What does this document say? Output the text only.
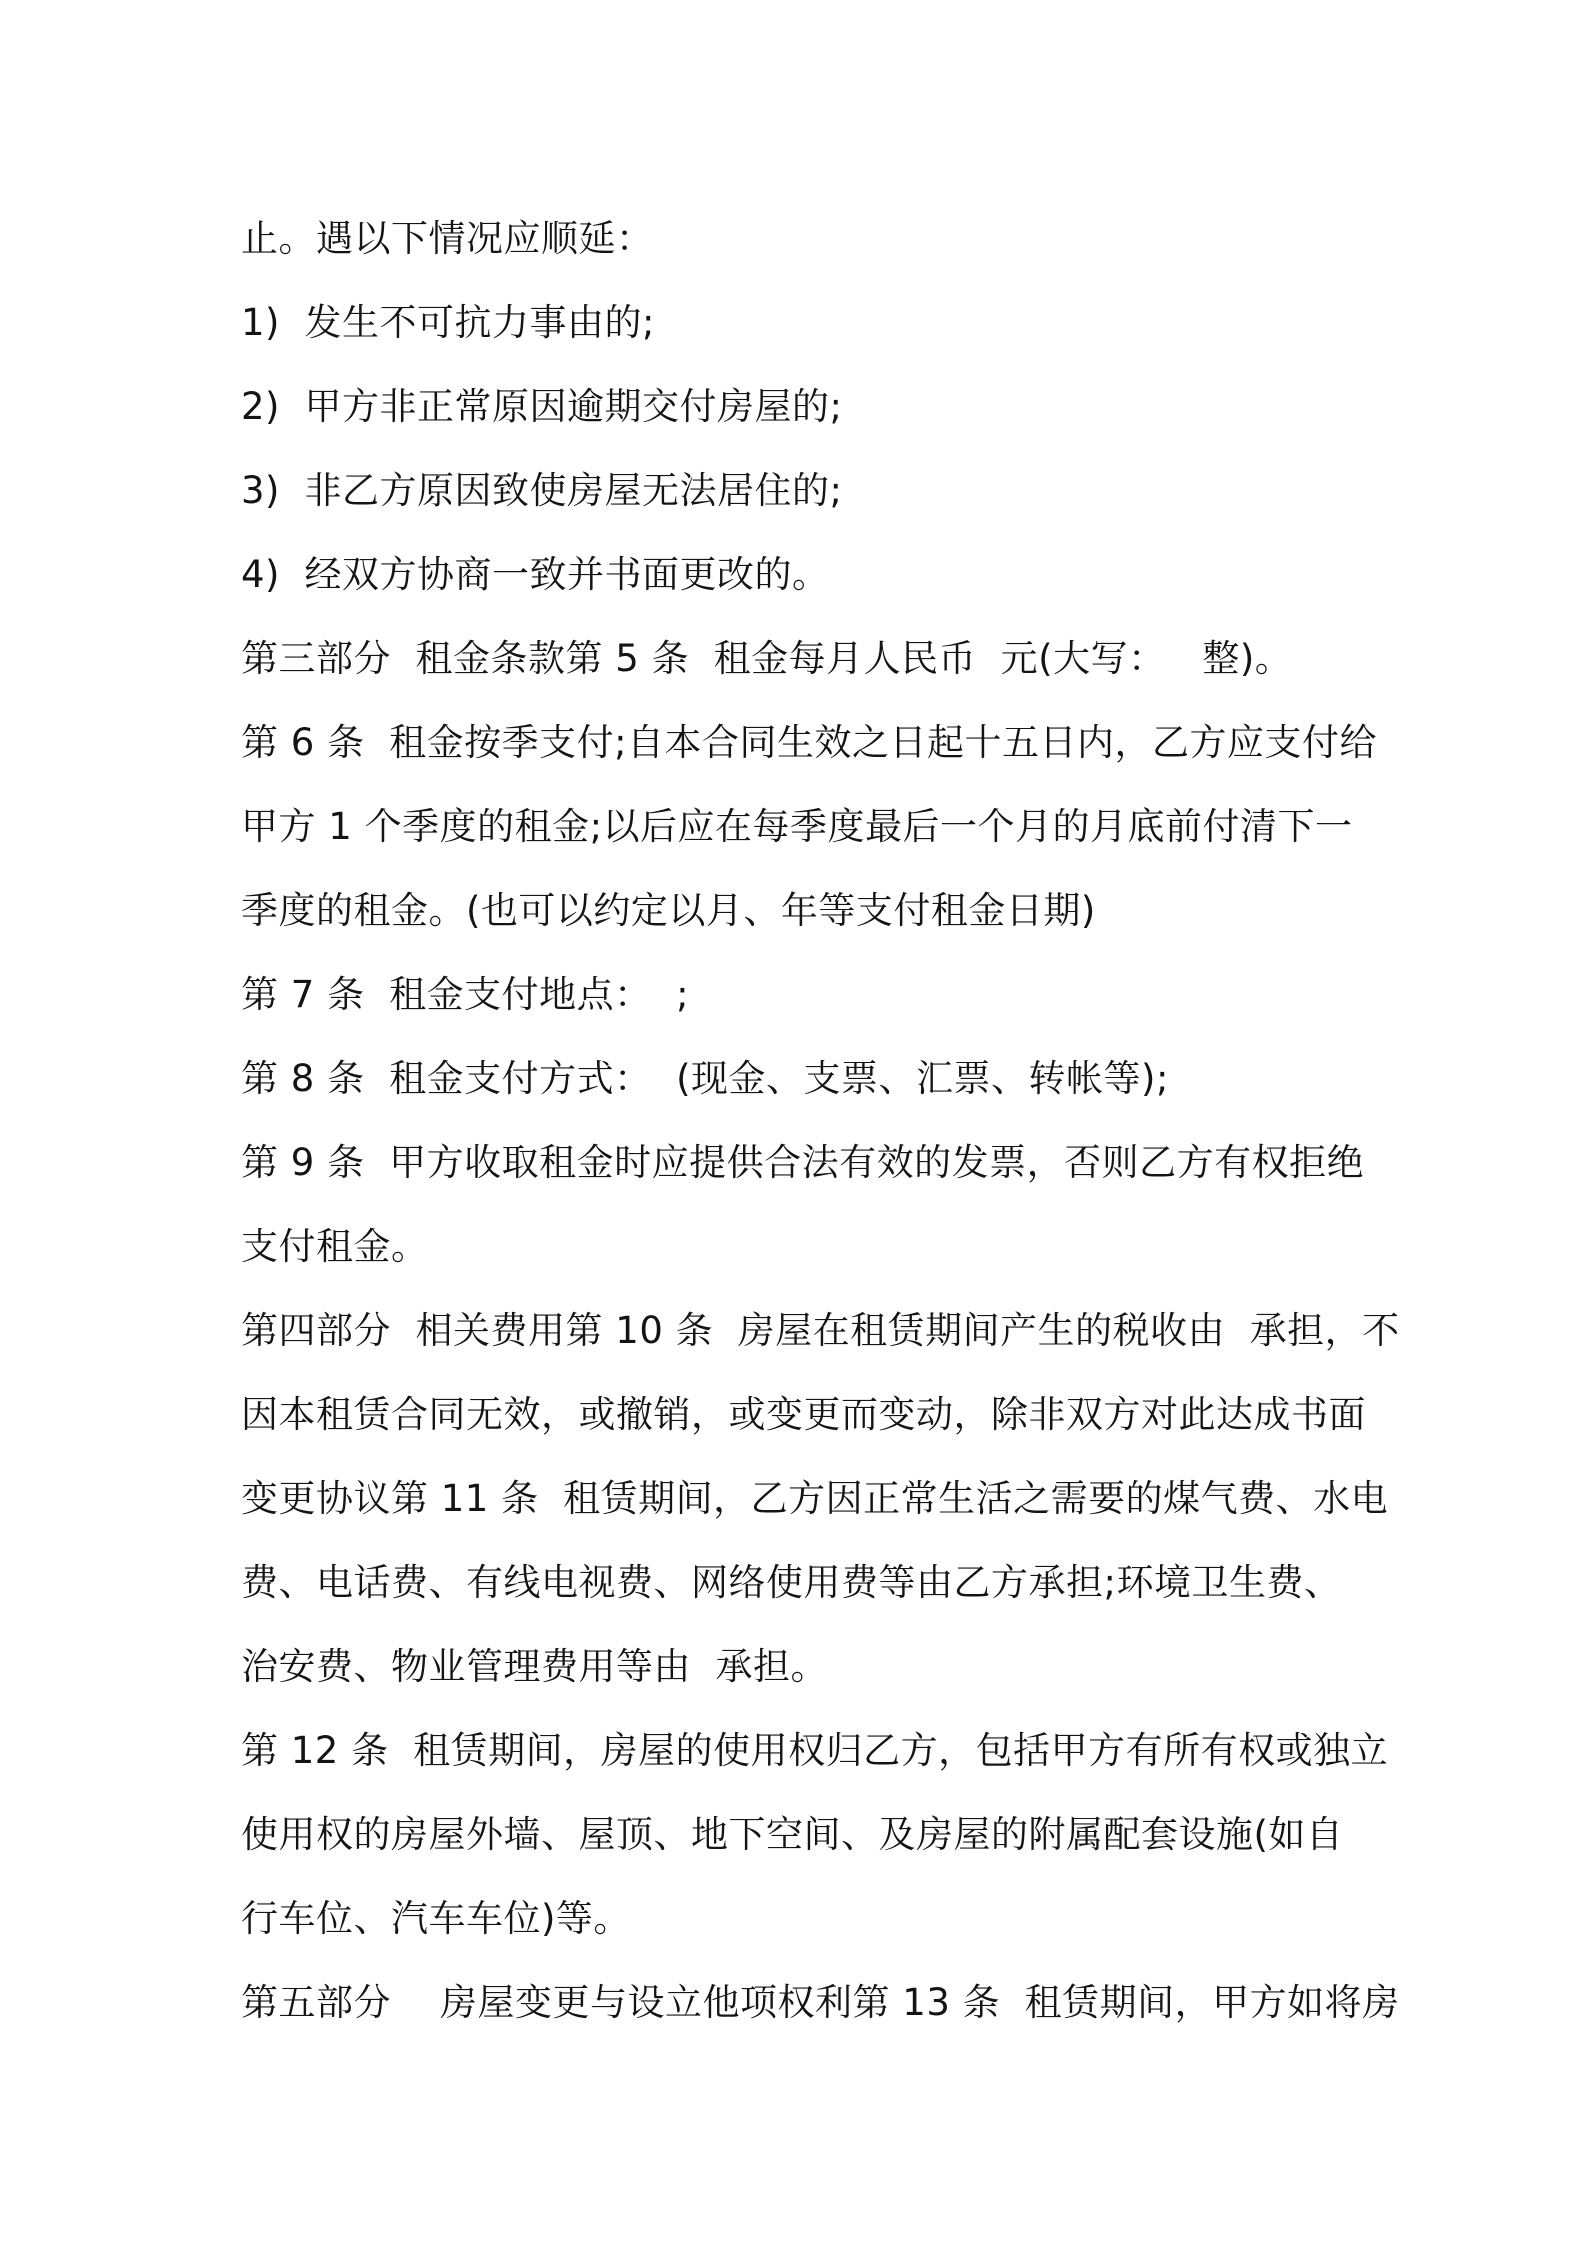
止。遇以下情况应顺延：
1)  发生不可抗力事由的;
2)  甲方非正常原因逾期交付房屋的;
3)  非乙方原因致使房屋无法居住的;
4)  经双方协商一致并书面更改的。
第三部分  租金条款第 5 条  租金每月人民币  元(大写：   整)。
第 6 条  租金按季支付;自本合同生效之日起十五日内，乙方应支付给
甲方 1 个季度的租金;以后应在每季度最后一个月的月底前付清下一
季度的租金。(也可以约定以月、年等支付租金日期)
第 7 条  租金支付地点：  ;
第 8 条  租金支付方式：  (现金、支票、汇票、转帐等);
第 9 条  甲方收取租金时应提供合法有效的发票，否则乙方有权拒绝
支付租金。
第四部分  相关费用第 10 条  房屋在租赁期间产生的税收由  承担，不
因本租赁合同无效，或撤销，或变更而变动，除非双方对此达成书面
变更协议第 11 条  租赁期间，乙方因正常生活之需要的煤气费、水电
费、电话费、有线电视费、网络使用费等由乙方承担;环境卫生费、
治安费、物业管理费用等由  承担。
第 12 条  租赁期间，房屋的使用权归乙方，包括甲方有所有权或独立
使用权的房屋外墙、屋顶、地下空间、及房屋的附属配套设施(如自
行车位、汽车车位)等。
第五部分    房屋变更与设立他项权利第 13 条  租赁期间，甲方如将房
